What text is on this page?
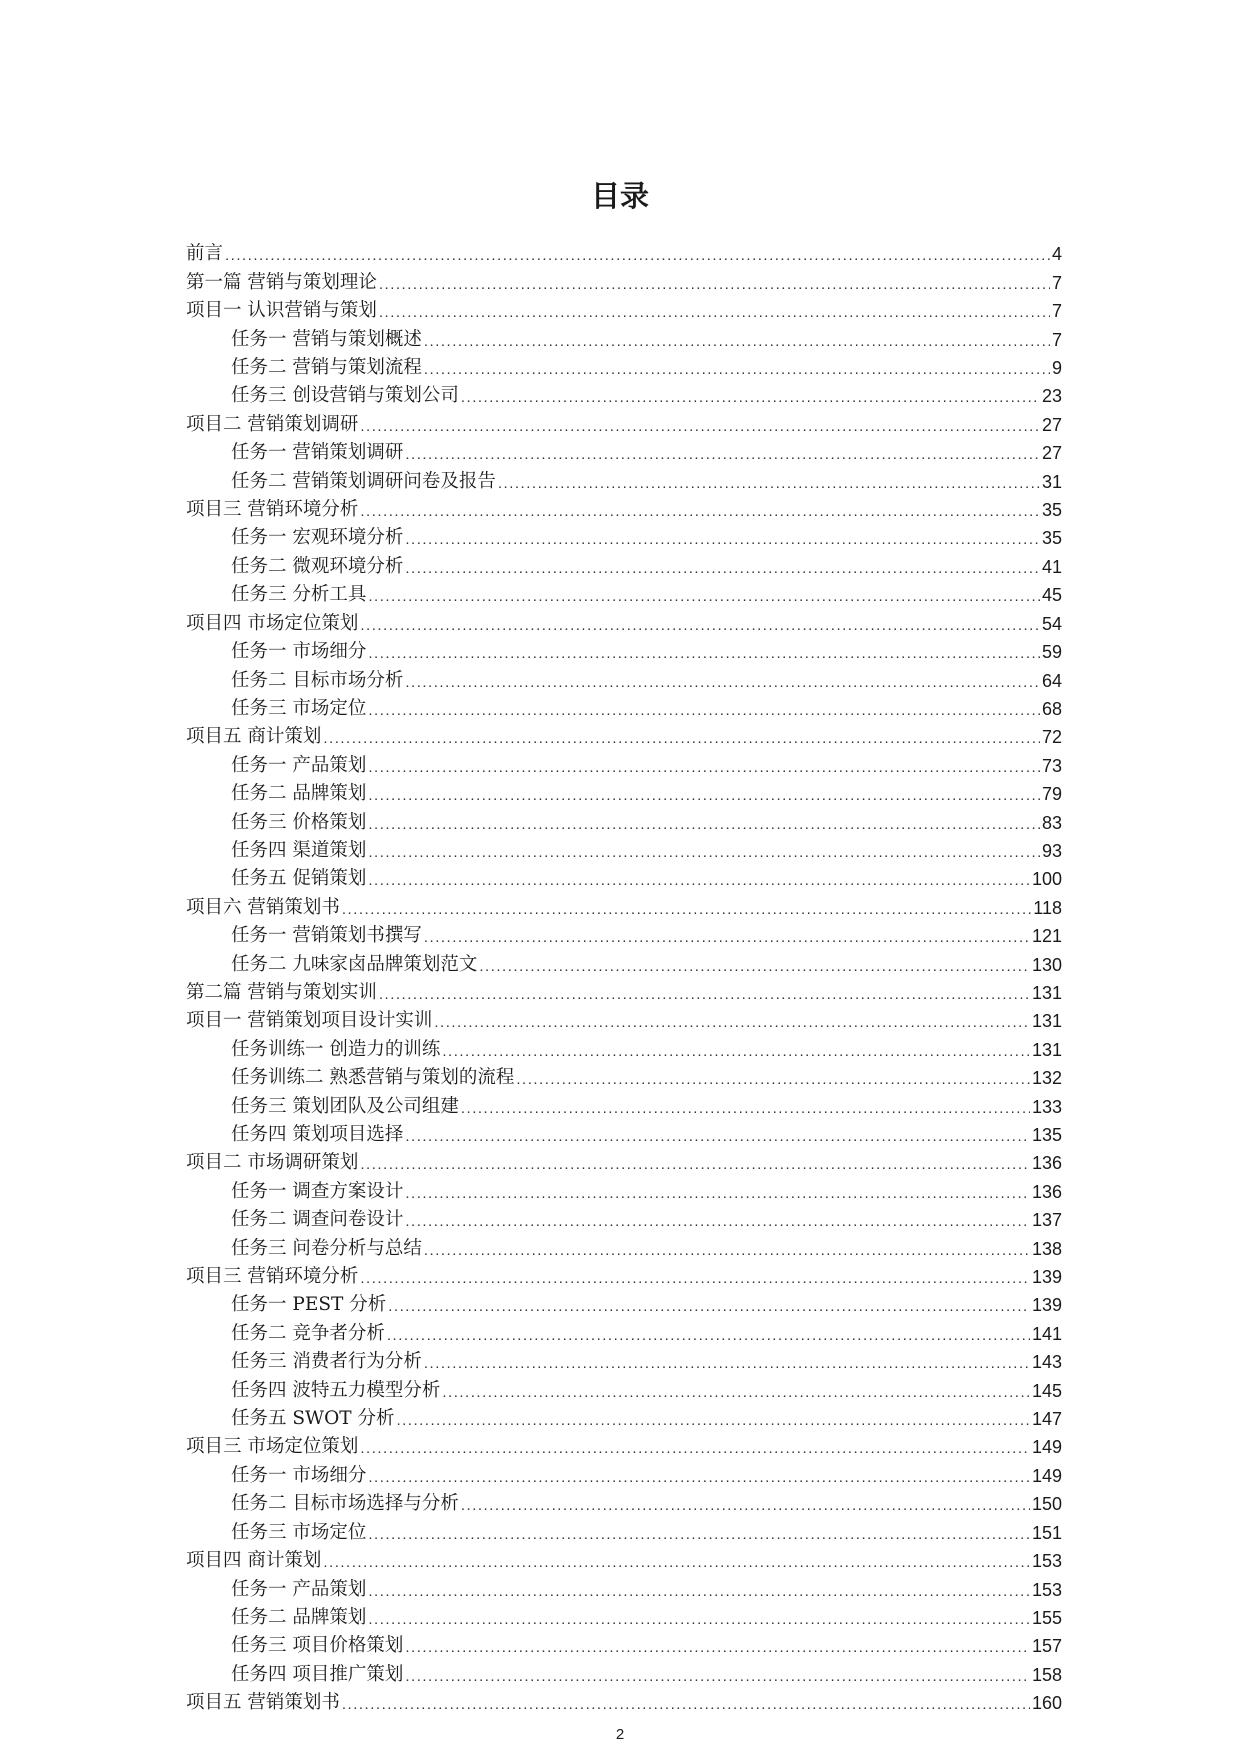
目录
前言 .....	4
第一篇 营销与策划理论 .....	7
项目一 认识营销与策划 .....	7
任务一 营销与策划概述 .....	7
任务二 营销与策划流程 .....	9
任务三 创设营销与策划公司 .....	23
项目二 营销策划调研 .....	27
任务一 营销策划调研 .....	27
任务二 营销策划调研问卷及报告 .....	31
项目三 营销环境分析 .....	35
任务一 宏观环境分析 .....	35
任务二 微观环境分析 .....	41
任务三 分析工具 .....	45
项目四 市场定位策划 .....	54
任务一 市场细分 .....	59
任务二 目标市场分析 .....	64
任务三 市场定位 .....	68
项目五 商计策划 .....	72
任务一 产品策划 .....	73
任务二 品牌策划 .....	79
任务三 价格策划 .....	83
任务四 渠道策划 .....	93
任务五 促销策划 .....	100
项目六 营销策划书 .....	118
任务一 营销策划书撰写 .....	121
任务二 九味家卤品牌策划范文 .....	130
第二篇 营销与策划实训 .....	131
项目一 营销策划项目设计实训 .....	131
任务训练一 创造力的训练 .....	131
任务训练二 熟悉营销与策划的流程 .....	132
任务三 策划团队及公司组建 .....	133
任务四 策划项目选择 .....	135
项目二 市场调研策划 .....	136
任务一 调查方案设计 .....	136
任务二 调查问卷设计 .....	137
任务三 问卷分析与总结 .....	138
项目三 营销环境分析 .....	139
任务一 PEST 分析 .....	139
任务二 竞争者分析 .....	141
任务三 消费者行为分析 .....	143
任务四 波特五力模型分析 .....	145
任务五 SWOT 分析 .....	147
项目三 市场定位策划 .....	149
任务一 市场细分 .....	149
任务二 目标市场选择与分析 .....	150
任务三 市场定位 .....	151
项目四 商计策划 .....	153
任务一 产品策划 .....	153
任务二 品牌策划 .....	155
任务三 项目价格策划 .....	157
任务四 项目推广策划 .....	158
项目五 营销策划书 .....	160

2
